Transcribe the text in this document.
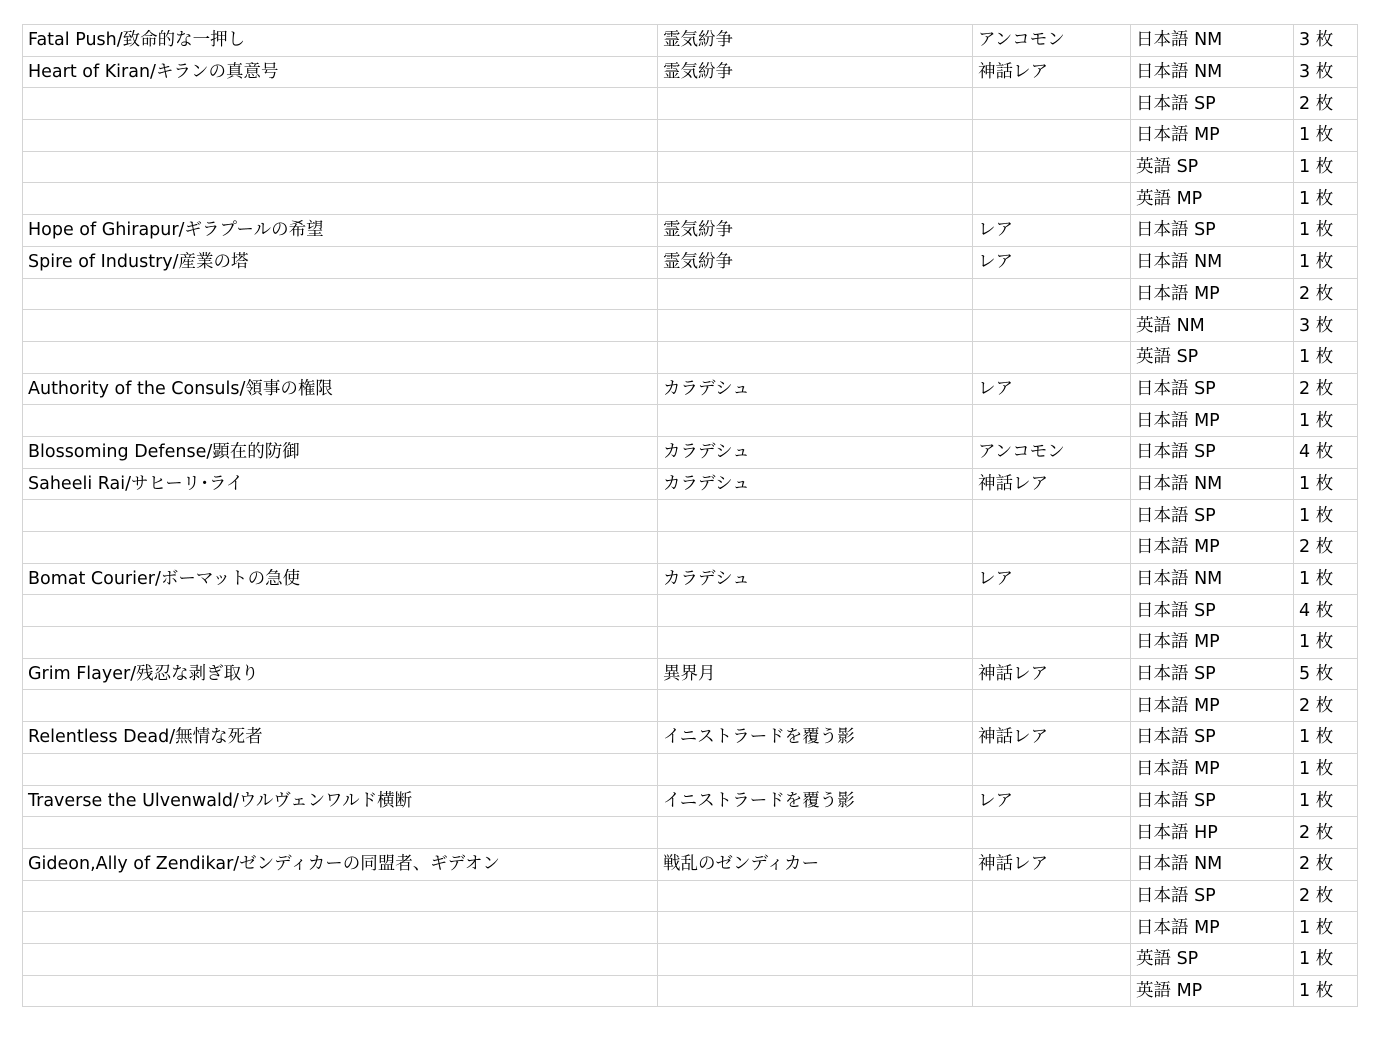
Fatal Push/致命的な一押し	霊気紛争	アンコモン	日本語 NM	3 枚
Heart of Kiran/キランの真意号	霊気紛争	神話レア	日本語 NM	3 枚
			日本語 SP	2 枚
			日本語 MP	1 枚
			英語 SP	1 枚
			英語 MP	1 枚
Hope of Ghirapur/ギラプールの希望	霊気紛争	レア	日本語 SP	1 枚
Spire of Industry/産業の塔	霊気紛争	レア	日本語 NM	1 枚
			日本語 MP	2 枚
			英語 NM	3 枚
			英語 SP	1 枚
Authority of the Consuls/領事の権限	カラデシュ	レア	日本語 SP	2 枚
			日本語 MP	1 枚
Blossoming Defense/顕在的防御	カラデシュ	アンコモン	日本語 SP	4 枚
Saheeli Rai/サヒーリ･ライ	カラデシュ	神話レア	日本語 NM	1 枚
			日本語 SP	1 枚
			日本語 MP	2 枚
Bomat Courier/ボーマットの急使	カラデシュ	レア	日本語 NM	1 枚
			日本語 SP	4 枚
			日本語 MP	1 枚
Grim Flayer/残忍な剥ぎ取り	異界月	神話レア	日本語 SP	5 枚
			日本語 MP	2 枚
Relentless Dead/無情な死者	イニストラードを覆う影	神話レア	日本語 SP	1 枚
			日本語 MP	1 枚
Traverse the Ulvenwald/ウルヴェンワルド横断	イニストラードを覆う影	レア	日本語 SP	1 枚
			日本語 HP	2 枚
Gideon,Ally of Zendikar/ゼンディカーの同盟者、ギデオン	戦乱のゼンディカー	神話レア	日本語 NM	2 枚
			日本語 SP	2 枚
			日本語 MP	1 枚
			英語 SP	1 枚
			英語 MP	1 枚
